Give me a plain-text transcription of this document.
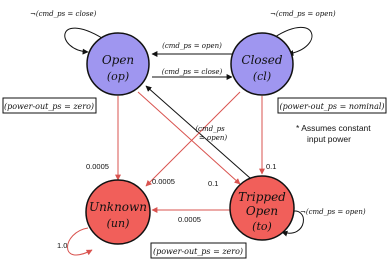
Open
(op)
Closed
(cl)
Unknown
(un)
Tripped
Open
(to)
¬(cmd_ps = close)	¬(cmd_ps = open)
(cmd_ps = open)
(cmd_ps = close)
(cmd_ps
= open)
¬(cmd_ps = open)
0.0005
0.0005	0.1
0.1
0.0005
1.0
(power-out_ps = zero)	(power-out_ps = nominal)
(power-out_ps = zero)
* Assumes constant
input power
